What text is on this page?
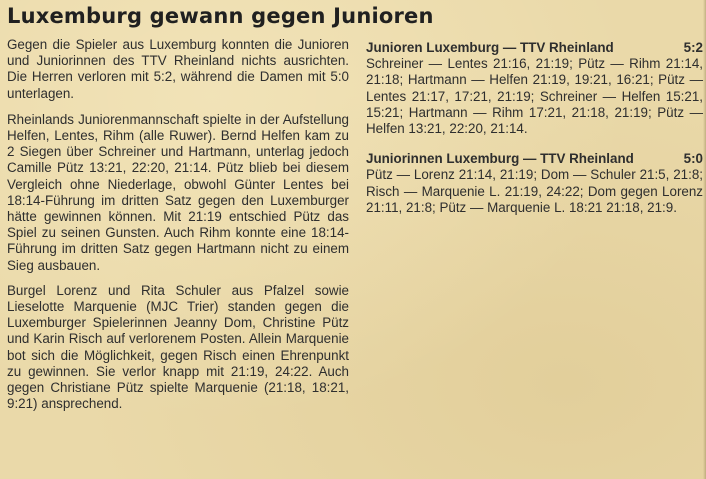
Luxemburg gewann gegen Junioren

Gegen die Spieler aus Luxemburg konnten die Junioren und Juniorinnen des TTV Rheinland nichts ausrichten. Die Herren verloren mit 5:2, während die Damen mit 5:0 unterlagen.

Rheinlands Juniorenmannschaft spielte in der Aufstellung Helfen, Lentes, Rihm (alle Ruwer). Bernd Helfen kam zu 2 Siegen über Schreiner und Hartmann, unterlag jedoch Camille Pütz 13:21, 22:20, 21:14. Pütz blieb bei diesem Vergleich ohne Niederlage, obwohl Günter Lentes bei 18:14-Führung im dritten Satz gegen den Luxemburger hätte gewinnen können. Mit 21:19 entschied Pütz das Spiel zu seinen Gunsten. Auch Rihm konnte eine 18:14-Führung im dritten Satz gegen Hartmann nicht zu einem Sieg ausbauen.

Burgel Lorenz und Rita Schuler aus Pfalzel sowie Lieselotte Marquenie (MJC Trier) standen gegen die Luxemburger Spielerinnen Jeanny Dom, Christine Pütz und Karin Risch auf verlorenem Posten. Allein Marquenie bot sich die Möglichkeit, gegen Risch einen Ehrenpunkt zu gewinnen. Sie verlor knapp mit 21:19, 24:22. Auch gegen Christiane Pütz spielte Marquenie (21:18, 18:21, 9:21) ansprechend.

Junioren Luxemburg — TTV Rheinland	5:2
Schreiner — Lentes 21:16, 21:19; Pütz — Rihm 21:14, 21:18; Hartmann — Helfen 21:19, 19:21, 16:21; Pütz — Lentes 21:17, 17:21, 21:19; Schreiner — Helfen 15:21, 15:21; Hartmann — Rihm 17:21, 21:18, 21:19; Pütz — Helfen 13:21, 22:20, 21:14.
Juniorinnen Luxemburg — TTV Rheinland	5:0
Pütz — Lorenz 21:14, 21:19; Dom — Schuler 21:5, 21:8; Risch — Marquenie L. 21:19, 24:22; Dom gegen Lorenz 21:11, 21:8; Pütz — Marquenie L. 18:21 21:18, 21:9.
